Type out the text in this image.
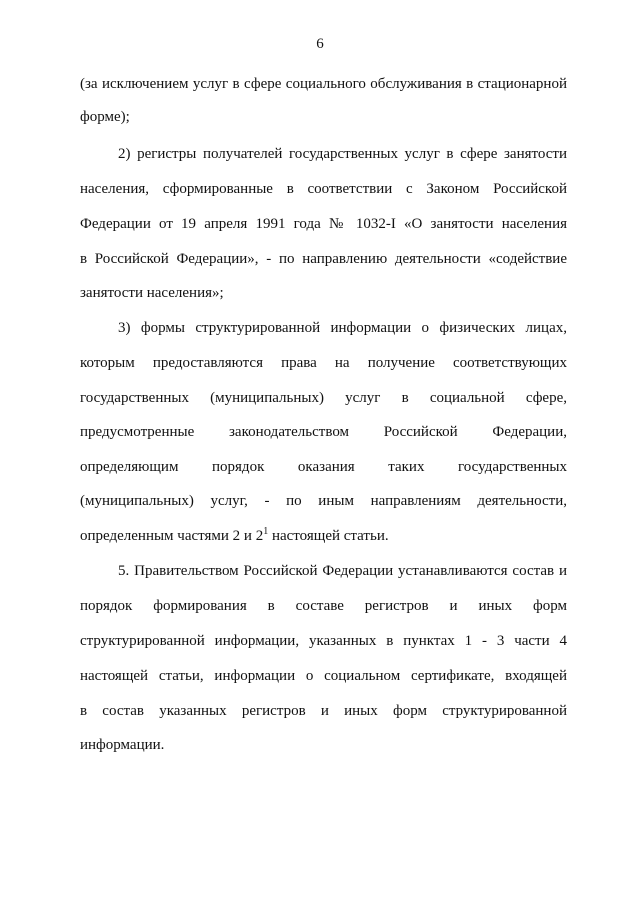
6
(за исключением услуг в сфере социального обслуживания в стационарной
форме);
2) регистры получателей государственных услуг в сфере занятости
населения, сформированные в соответствии с Законом Российской
Федерации от 19 апреля 1991 года № 1032-I «О занятости населения
в Российской Федерации», - по направлению деятельности «содействие
занятости населения»;
3) формы структурированной информации о физических лицах,
которым предоставляются права на получение соответствующих
государственных (муниципальных) услуг в социальной сфере,
предусмотренные законодательством Российской Федерации,
определяющим порядок оказания таких государственных
(муниципальных) услуг, - по иным направлениям деятельности,
определенным частями 2 и $2^1$ настоящей статьи.
5. Правительством Российской Федерации устанавливаются состав и
порядок формирования в составе регистров и иных форм
структурированной информации, указанных в пунктах 1 - 3 части 4
настоящей статьи, информации о социальном сертификате, входящей
в состав указанных регистров и иных форм структурированной
информации.
